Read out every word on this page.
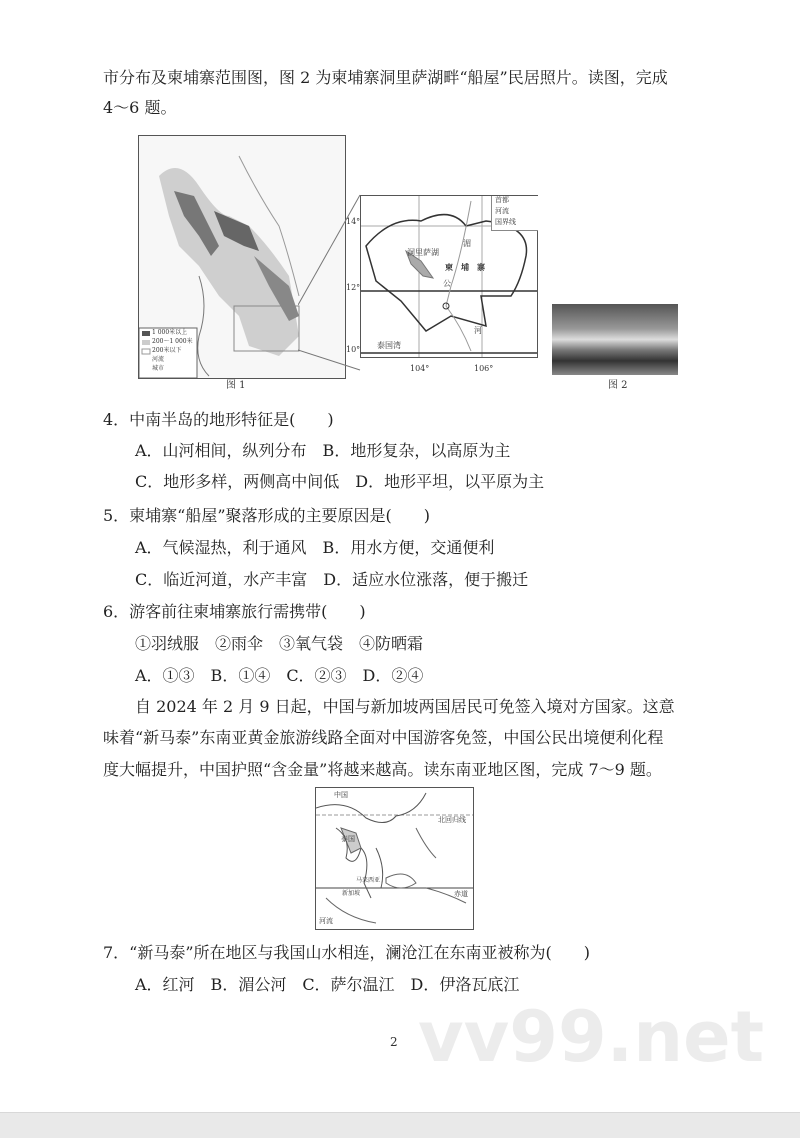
vv99.net
市分布及柬埔寨范围图，图 2 为柬埔寨洞里萨湖畔“船屋”民居照片。读图，完成
4～6 题。
1 000米以上
200～1 000米
200米以下
河流
城市
洞里萨湖
柬　埔　寨
湄
公
河
泰国湾
首都
河流
国界线
14°
12°
10°
104°	106°
图 1	图 2
4．中南半岛的地形特征是(　　)
A．山河相间，纵列分布　B．地形复杂，以高原为主
C．地形多样，两侧高中间低　D．地形平坦，以平原为主
5．柬埔寨“船屋”聚落形成的主要原因是(　　)
A．气候湿热，利于通风　B．用水方便，交通便利
C．临近河道，水产丰富　D．适应水位涨落，便于搬迁
6．游客前往柬埔寨旅行需携带(　　)
①羽绒服　②雨伞　③氧气袋　④防晒霜
A．①③　B．①④　C．②③　D．②④
自 2024 年 2 月 9 日起，中国与新加坡两国居民可免签入境对方国家。这意
味着“新马泰”东南亚黄金旅游线路全面对中国游客免签，中国公民出境便利化程
度大幅提升，中国护照“含金量”将越来越高。读东南亚地区图，完成 7～9 题。
中国
北回归线
泰国
马来西亚
新加坡	赤道
河流
7．“新马泰”所在地区与我国山水相连，澜沧江在东南亚被称为(　　)
A．红河　B．湄公河　C．萨尔温江　D．伊洛瓦底江
2
